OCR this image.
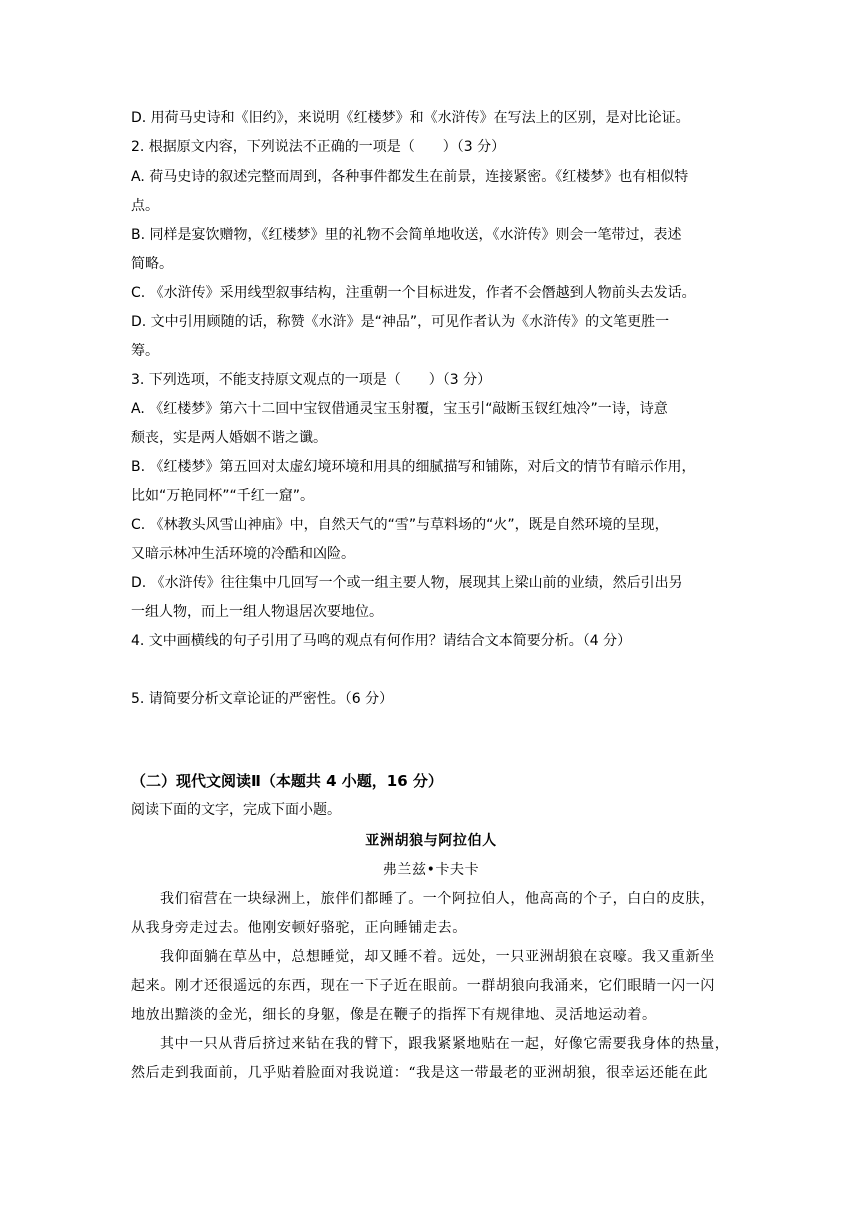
D. 用荷马史诗和《旧约》，来说明《红楼梦》和《水浒传》在写法上的区别，是对比论证。
2. 根据原文内容，下列说法不正确的一项是（　　）（3 分）
A. 荷马史诗的叙述完整而周到，各种事件都发生在前景，连接紧密。《红楼梦》也有相似特
点。
B. 同样是宴饮赠物，《红楼梦》里的礼物不会简单地收送，《水浒传》则会一笔带过，表述
简略。
C. 《水浒传》采用线型叙事结构，注重朝一个目标进发，作者不会僭越到人物前头去发话。
D. 文中引用顾随的话，称赞《水浒》是“神品”，可见作者认为《水浒传》的文笔更胜一
筹。
3. 下列选项，不能支持原文观点的一项是（　　）（3 分）
A. 《红楼梦》第六十二回中宝钗借通灵宝玉射覆，宝玉引“敲断玉钗红烛冷”一诗，诗意
颓丧，实是两人婚姻不谐之谶。
B. 《红楼梦》第五回对太虚幻境环境和用具的细腻描写和铺陈，对后文的情节有暗示作用，
比如“万艳同杯”“千红一窟”。
C. 《林教头风雪山神庙》中，自然天气的“雪”与草料场的“火”，既是自然环境的呈现，
又暗示林冲生活环境的冷酷和凶险。
D. 《水浒传》往往集中几回写一个或一组主要人物，展现其上梁山前的业绩，然后引出另
一组人物，而上一组人物退居次要地位。
4. 文中画横线的句子引用了马鸣的观点有何作用？请结合文本简要分析。（4 分）
5. 请简要分析文章论证的严密性。（6 分）
（二）现代文阅读Ⅱ（本题共 4 小题，16 分）
阅读下面的文字，完成下面小题。
亚洲胡狼与阿拉伯人
弗兰兹•卡夫卡
我们宿营在一块绿洲上，旅伴们都睡了。一个阿拉伯人，他高高的个子，白白的皮肤，
从我身旁走过去。他刚安顿好骆驼，正向睡铺走去。
我仰面躺在草丛中，总想睡觉，却又睡不着。远处，一只亚洲胡狼在哀嚎。我又重新坐
起来。刚才还很遥远的东西，现在一下子近在眼前。一群胡狼向我涌来，它们眼睛一闪一闪
地放出黯淡的金光，细长的身躯，像是在鞭子的指挥下有规律地、灵活地运动着。
其中一只从背后挤过来钻在我的臂下，跟我紧紧地贴在一起，好像它需要我身体的热量，
然后走到我面前，几乎贴着脸面对我说道：“我是这一带最老的亚洲胡狼，很幸运还能在此
